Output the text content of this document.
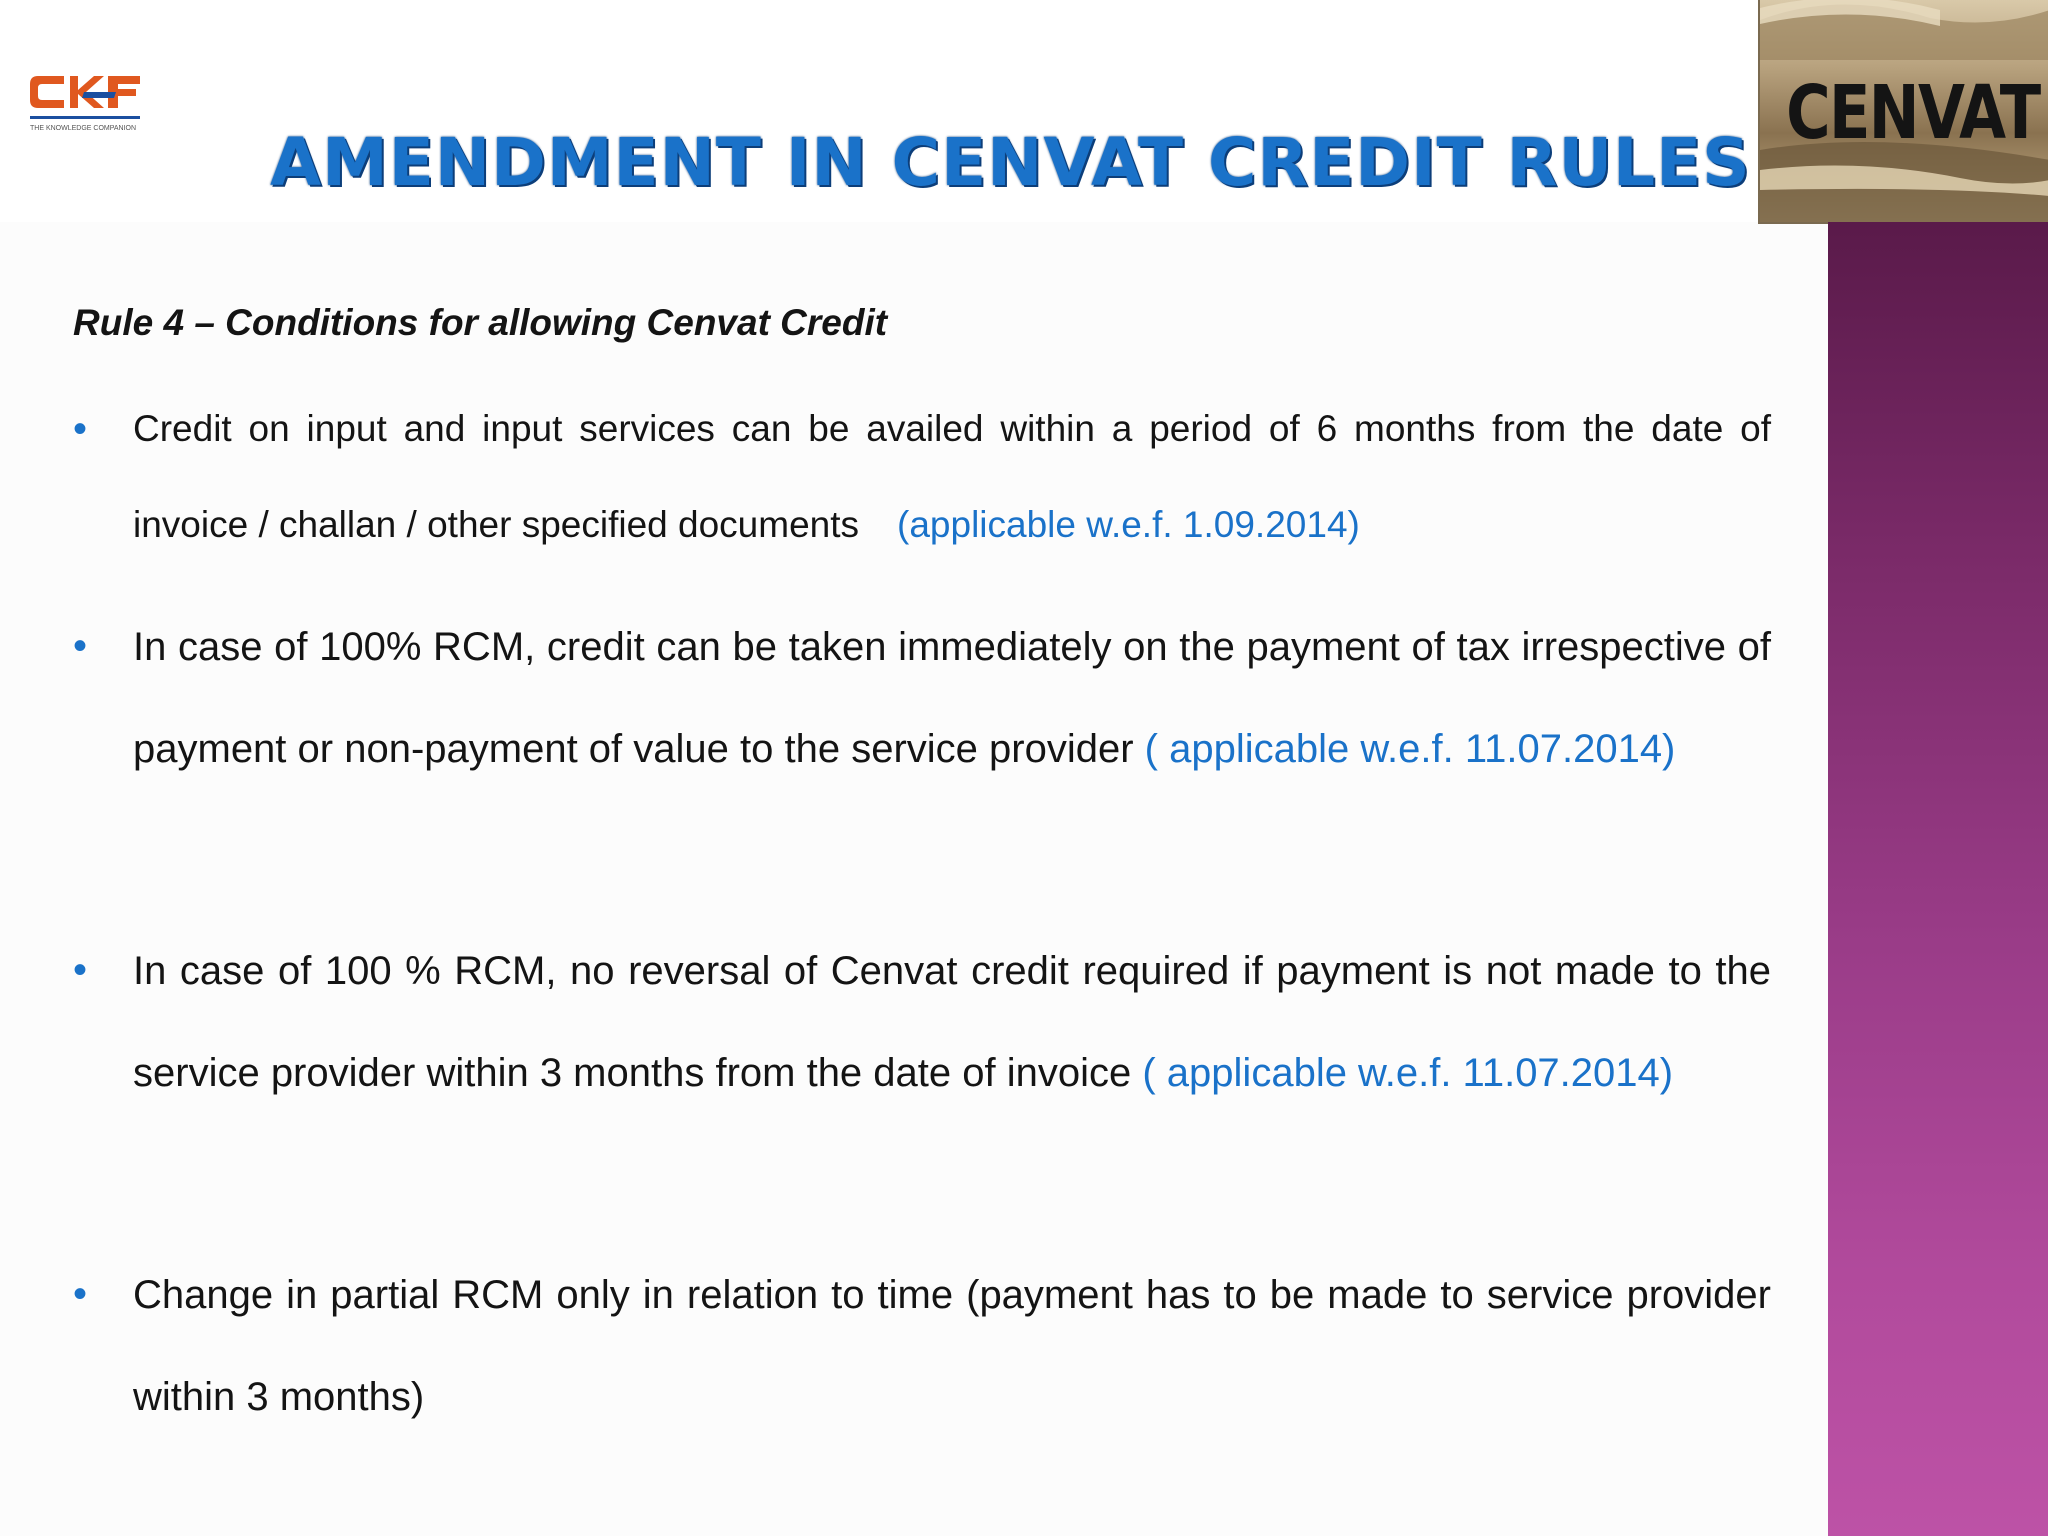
THE KNOWLEDGE COMPANION	CENVAT
AMENDMENT IN CENVAT CREDIT RULES
Rule 4 – Conditions for allowing Cenvat Credit
• Credit on input and input services can be availed within a period of 6 months from the date of invoice / challan / other specified documents (applicable w.e.f. 1.09.2014)
• In case of 100% RCM, credit can be taken immediately on the payment of tax irrespective of payment or non-payment of value to the service provider ( applicable w.e.f. 11.07.2014)
• In case of 100 % RCM, no reversal of Cenvat credit required if payment is not made to the service provider within 3 months from the date of invoice ( applicable w.e.f. 11.07.2014)
• Change in partial RCM only in relation to time (payment has to be made to service provider within 3 months)
